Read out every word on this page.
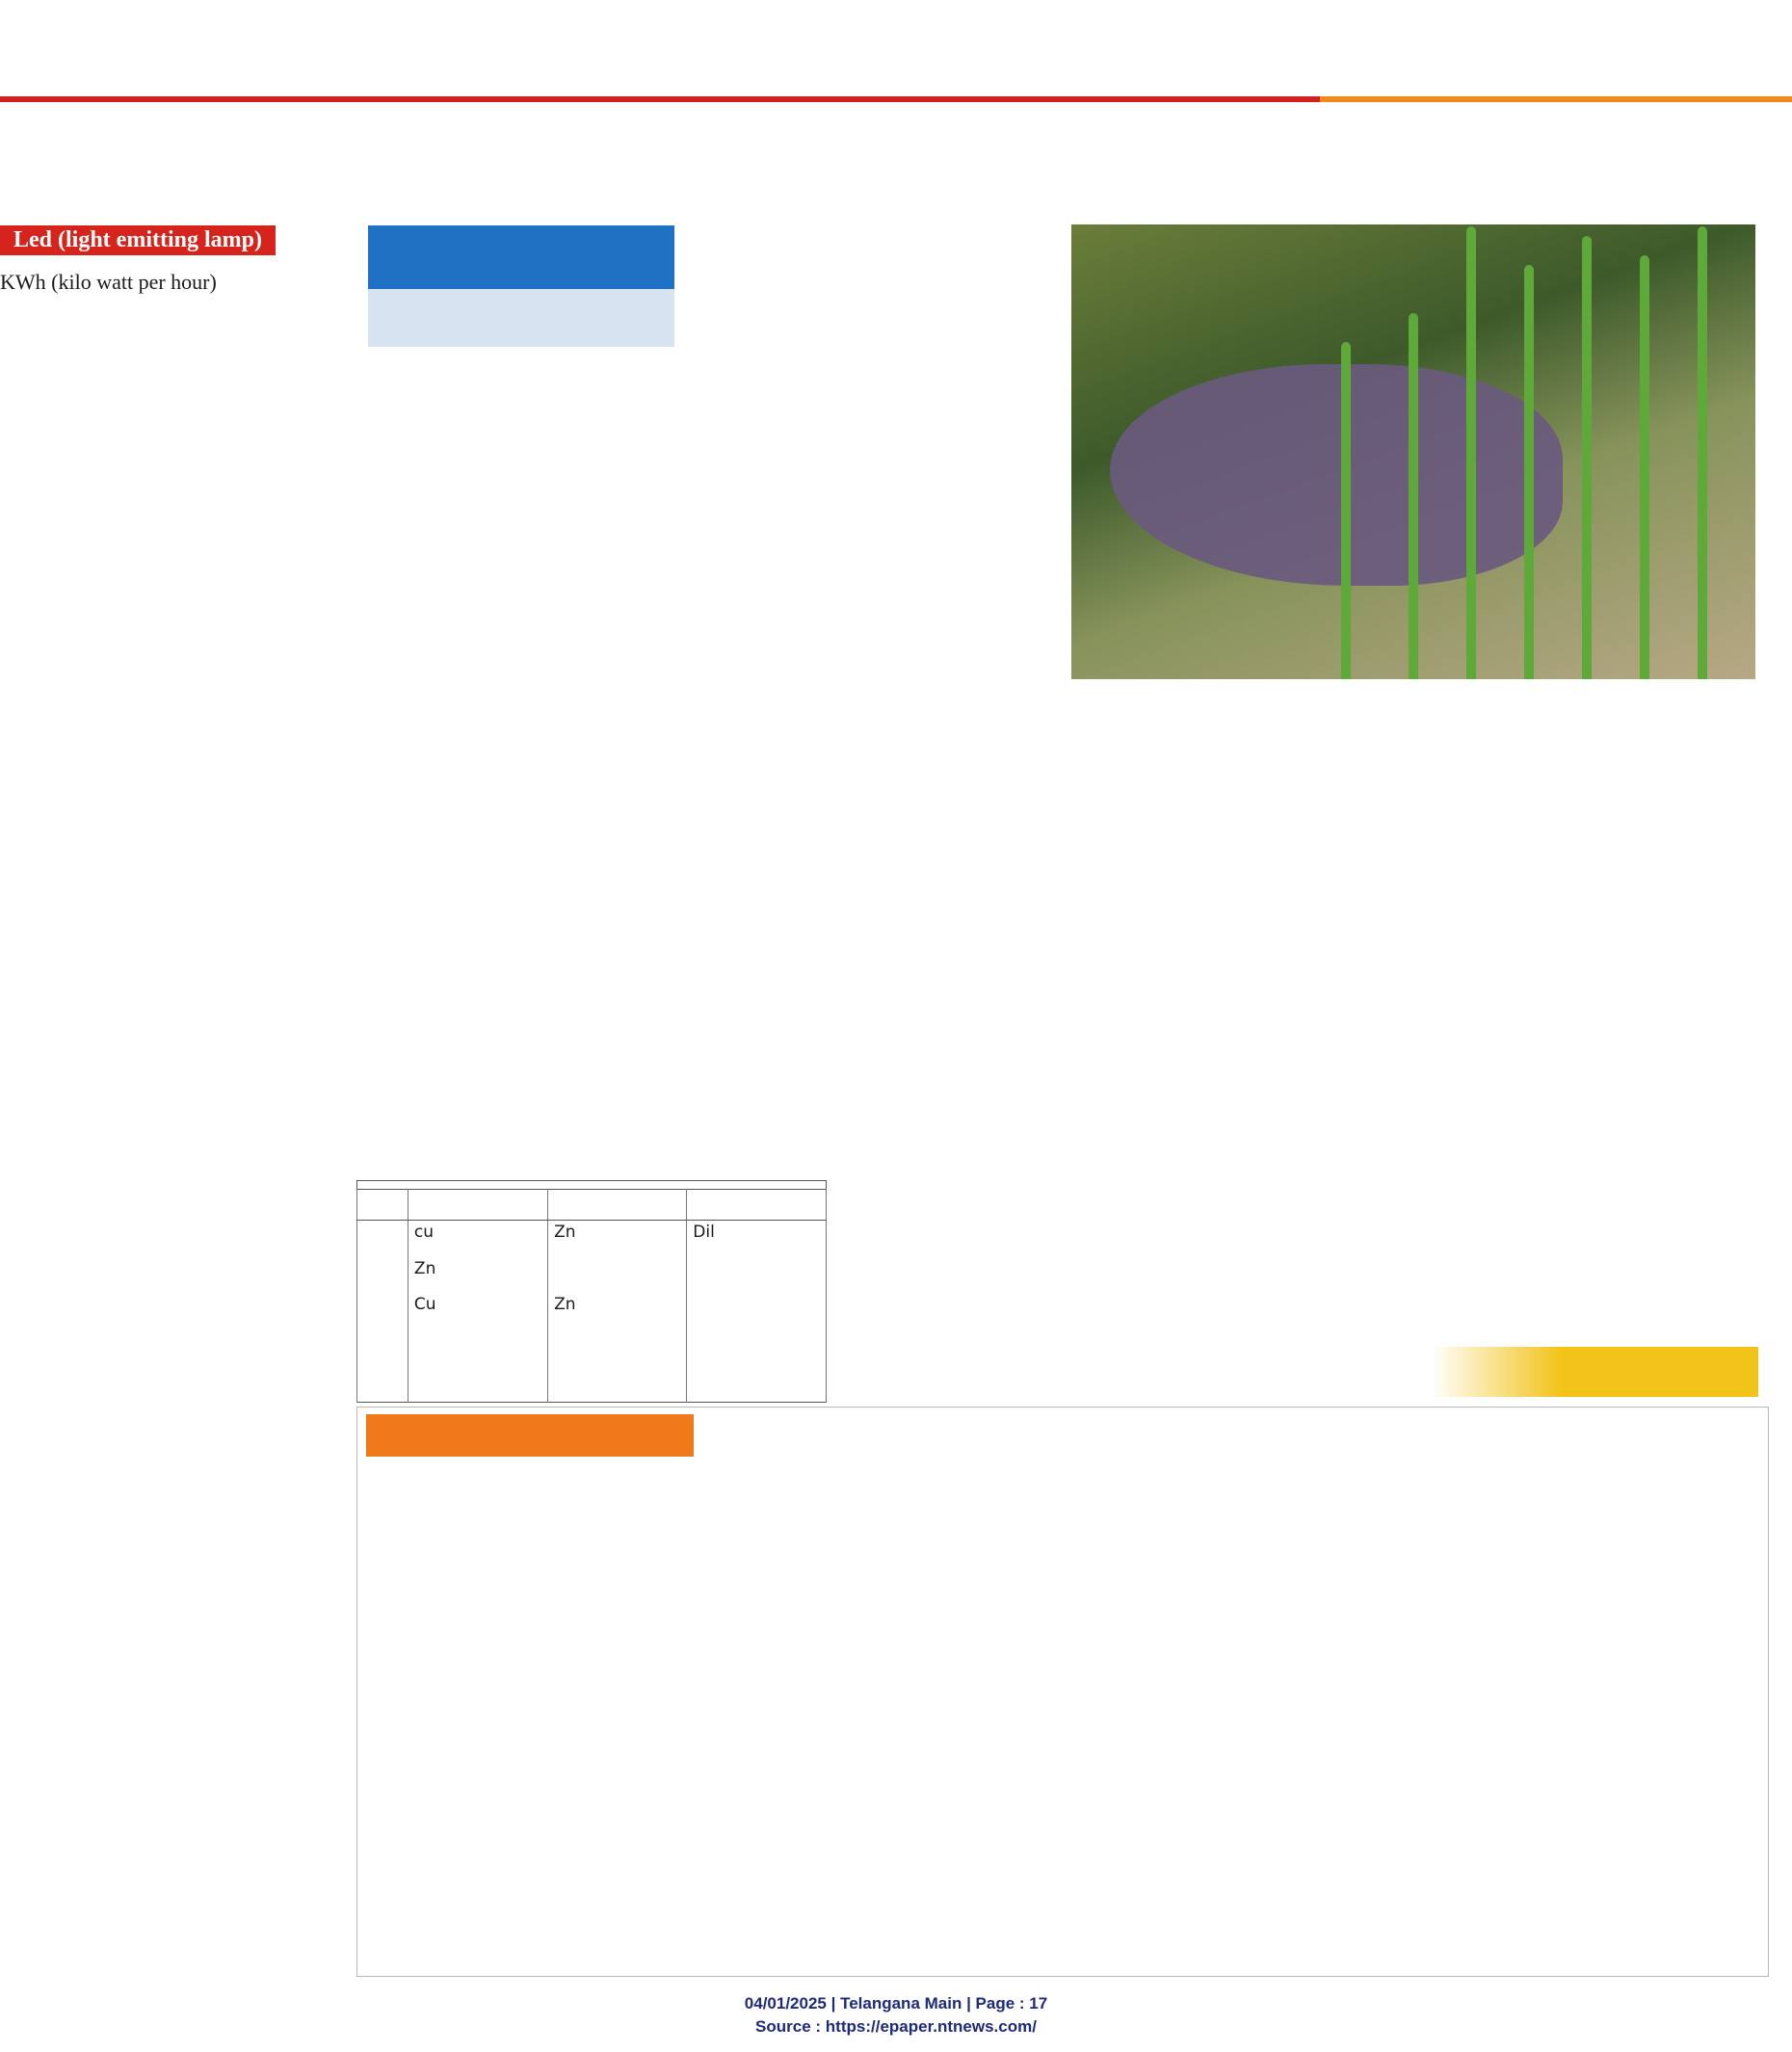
Led (light emitting lamp)
KWh (kilo watt per hour)

	cu	Zn	Dil
	Zn		
	Cu	Zn	

04/01/2025 | Telangana Main | Page : 17
Source : https://epaper.ntnews.com/
